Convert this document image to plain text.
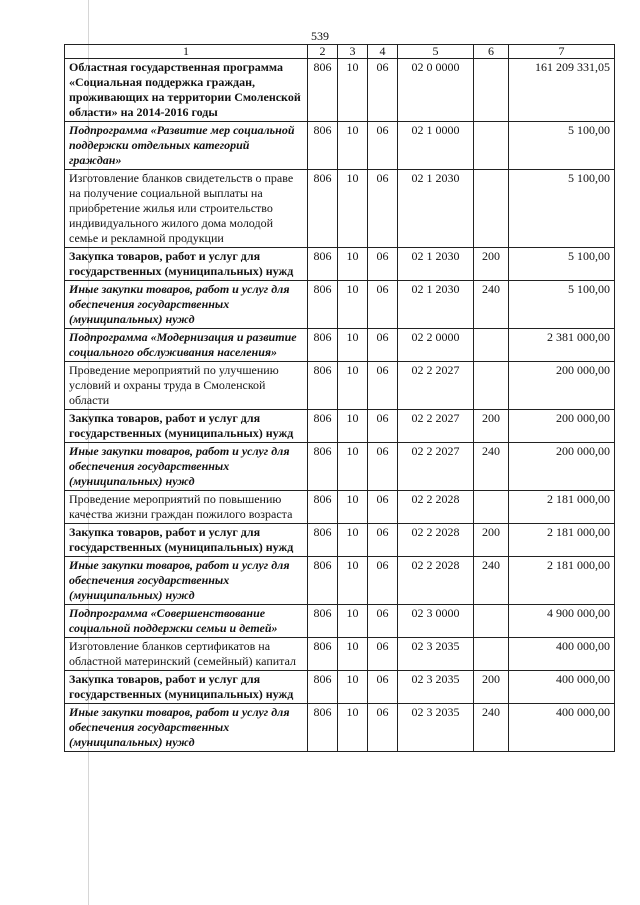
539
1	2	3	4	5	6	7
Областная государственная программа «Социальная поддержка граждан, проживающих на территории Смоленской области» на 2014-2016 годы	806	10	06	02 0 0000		161 209 331,05
Подпрограмма «Развитие мер социальной поддержки отдельных категорий граждан»	806	10	06	02 1 0000		5 100,00
Изготовление бланков свидетельств о праве на получение социальной выплаты на приобретение жилья или строительство индивидуального жилого дома молодой семье и рекламной продукции	806	10	06	02 1 2030		5 100,00
Закупка товаров, работ и услуг для государственных (муниципальных) нужд	806	10	06	02 1 2030	200	5 100,00
Иные закупки товаров, работ и услуг для обеспечения государственных (муниципальных) нужд	806	10	06	02 1 2030	240	5 100,00
Подпрограмма «Модернизация и развитие социального обслуживания населения»	806	10	06	02 2 0000		2 381 000,00
Проведение мероприятий по улучшению условий и охраны труда в Смоленской области	806	10	06	02 2 2027		200 000,00
Закупка товаров, работ и услуг для государственных (муниципальных) нужд	806	10	06	02 2 2027	200	200 000,00
Иные закупки товаров, работ и услуг для обеспечения государственных (муниципальных) нужд	806	10	06	02 2 2027	240	200 000,00
Проведение мероприятий по повышению качества жизни граждан пожилого возраста	806	10	06	02 2 2028		2 181 000,00
Закупка товаров, работ и услуг для государственных (муниципальных) нужд	806	10	06	02 2 2028	200	2 181 000,00
Иные закупки товаров, работ и услуг для обеспечения государственных (муниципальных) нужд	806	10	06	02 2 2028	240	2 181 000,00
Подпрограмма «Совершенствование социальной поддержки семьи и детей»	806	10	06	02 3 0000		4 900 000,00
Изготовление бланков сертификатов на областной материнский (семейный) капитал	806	10	06	02 3 2035		400 000,00
Закупка товаров, работ и услуг для государственных (муниципальных) нужд	806	10	06	02 3 2035	200	400 000,00
Иные закупки товаров, работ и услуг для обеспечения государственных (муниципальных) нужд	806	10	06	02 3 2035	240	400 000,00
